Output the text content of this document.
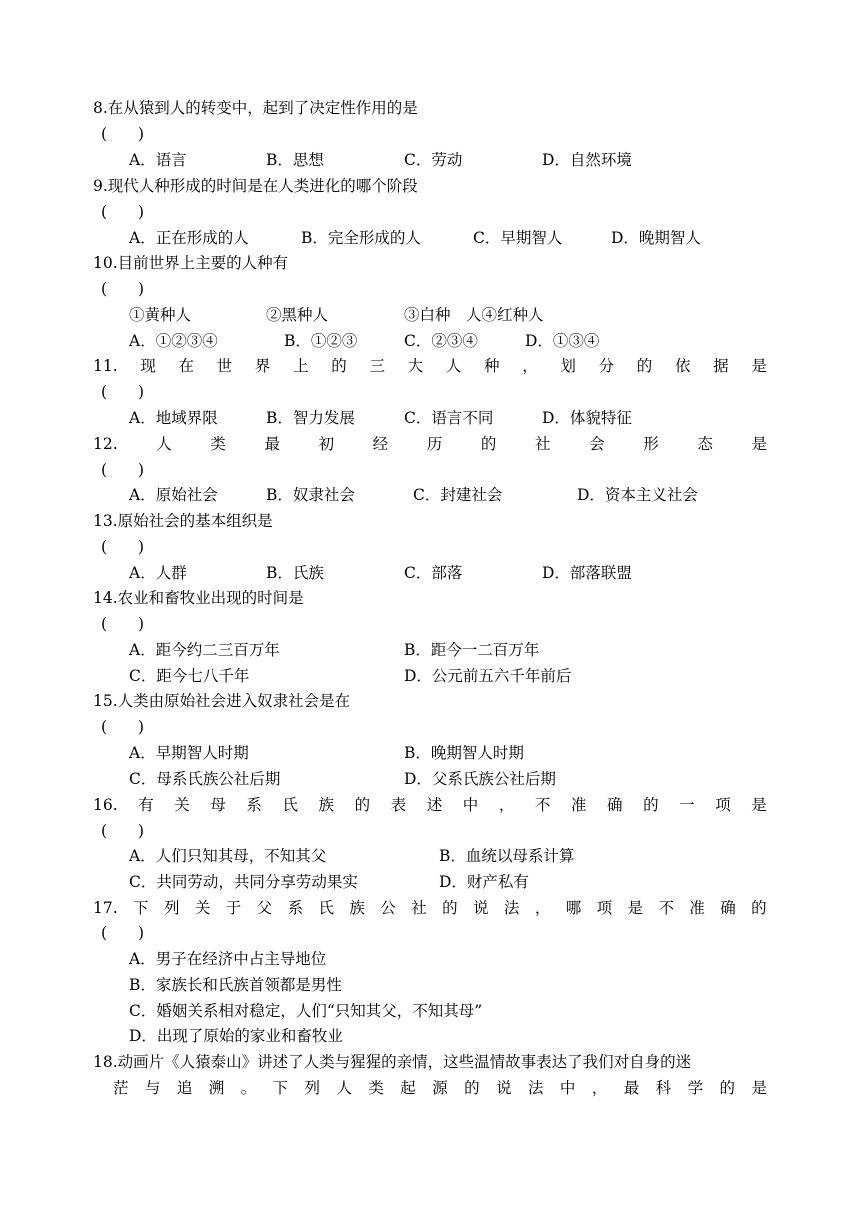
8.在从猿到人的转变中，起到了决定性作用的是
(　　)
A．语言	B．思想	C．劳动	D．自然环境
9.现代人种形成的时间是在人类进化的哪个阶段
(　　)
A．正在形成的人	B．完全形成的人	C．早期智人	D．晚期智人
10.目前世界上主要的人种有
(　　)
①黄种人	②黑种人	③白种　人④红种人
A．①②③④	B．①②③	C．②③④	D．①③④
11. 现 在 世 界 上 的 三 大 人 种 ， 划 分 的 依 据 是
(　　)
A．地域界限	B．智力发展	C．语言不同	D．体貌特征
12. 人 类 最 初 经 历 的 社 会 形 态 是
(　　)
A．原始社会	B．奴隶社会	C．封建社会	D．资本主义社会
13.原始社会的基本组织是
(　　)
A．人群	B．氏族	C．部落	D．部落联盟
14.农业和畜牧业出现的时间是
(　　)
A．距今约二三百万年	B．距今一二百万年
C．距今七八千年	D．公元前五六千年前后
15.人类由原始社会进入奴隶社会是在
(　　)
A．早期智人时期	B．晚期智人时期
C．母系氏族公社后期	D．父系氏族公社后期
16. 有 关 母 系 氏 族 的 表 述 中 ， 不 准 确 的 一 项 是
(　　)
A．人们只知其母，不知其父	B．血统以母系计算
C．共同劳动，共同分享劳动果实	D．财产私有
17. 下 列 关 于 父 系 氏 族 公 社 的 说 法 ， 哪 项 是 不 准 确 的
(　　)
A．男子在经济中占主导地位
B．家族长和氏族首领都是男性
C．婚姻关系相对稳定，人们“只知其父，不知其母”
D．出现了原始的家业和畜牧业
18.动画片《人猿泰山》讲述了人类与猩猩的亲情，这些温情故事表达了我们对自身的迷
茫 与 追 溯 。 下 列 人 类 起 源 的 说 法 中 ， 最 科 学 的 是
